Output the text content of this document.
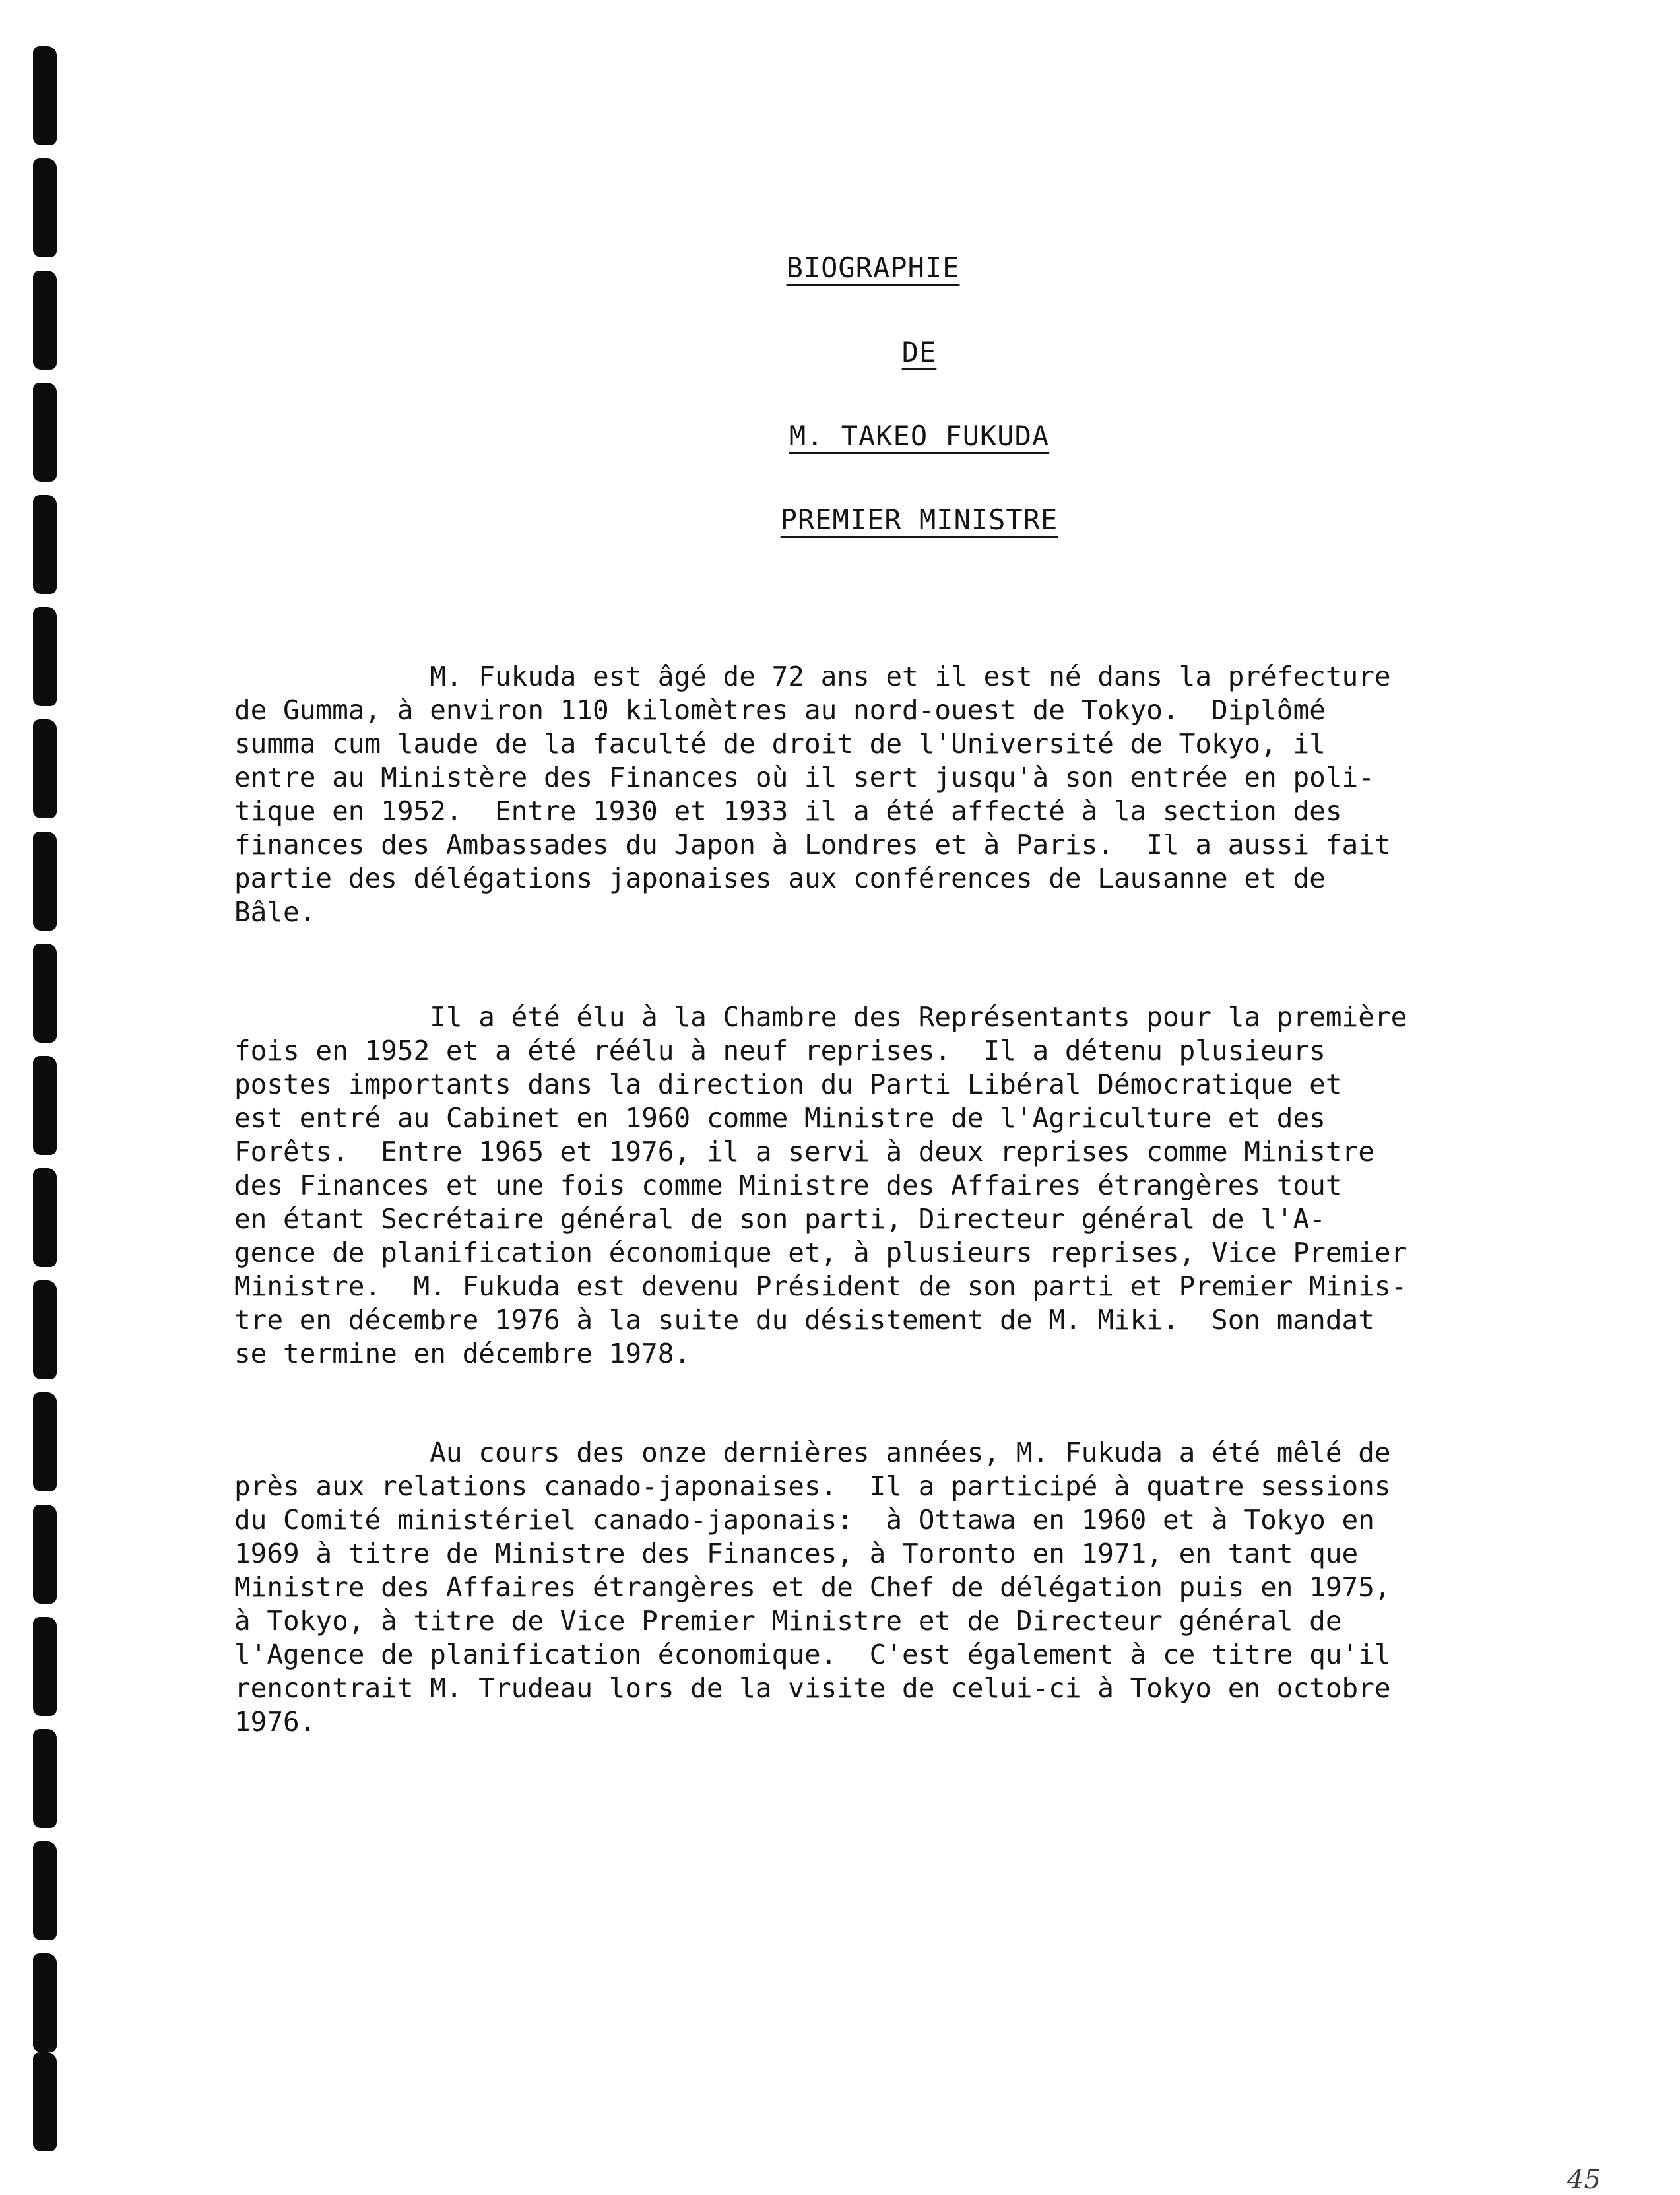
BIOGRAPHIE
DE
M. TAKEO FUKUDA
PREMIER MINISTRE
M. Fukuda est âgé de 72 ans et il est né dans la préfecture
de Gumma, à environ 110 kilomètres au nord-ouest de Tokyo.  Diplômé
summa cum laude de la faculté de droit de l'Université de Tokyo, il
entre au Ministère des Finances où il sert jusqu'à son entrée en poli-
tique en 1952.  Entre 1930 et 1933 il a été affecté à la section des
finances des Ambassades du Japon à Londres et à Paris.  Il a aussi fait
partie des délégations japonaises aux conférences de Lausanne et de
Bâle.
Il a été élu à la Chambre des Représentants pour la première
fois en 1952 et a été réélu à neuf reprises.  Il a détenu plusieurs
postes importants dans la direction du Parti Libéral Démocratique et
est entré au Cabinet en 1960 comme Ministre de l'Agriculture et des
Forêts.  Entre 1965 et 1976, il a servi à deux reprises comme Ministre
des Finances et une fois comme Ministre des Affaires étrangères tout
en étant Secrétaire général de son parti, Directeur général de l'A-
gence de planification économique et, à plusieurs reprises, Vice Premier
Ministre.  M. Fukuda est devenu Président de son parti et Premier Minis-
tre en décembre 1976 à la suite du désistement de M. Miki.  Son mandat
se termine en décembre 1978.
Au cours des onze dernières années, M. Fukuda a été mêlé de
près aux relations canado-japonaises.  Il a participé à quatre sessions
du Comité ministériel canado-japonais:  à Ottawa en 1960 et à Tokyo en
1969 à titre de Ministre des Finances, à Toronto en 1971, en tant que
Ministre des Affaires étrangères et de Chef de délégation puis en 1975,
à Tokyo, à titre de Vice Premier Ministre et de Directeur général de
l'Agence de planification économique.  C'est également à ce titre qu'il
rencontrait M. Trudeau lors de la visite de celui-ci à Tokyo en octobre
1976.
45
